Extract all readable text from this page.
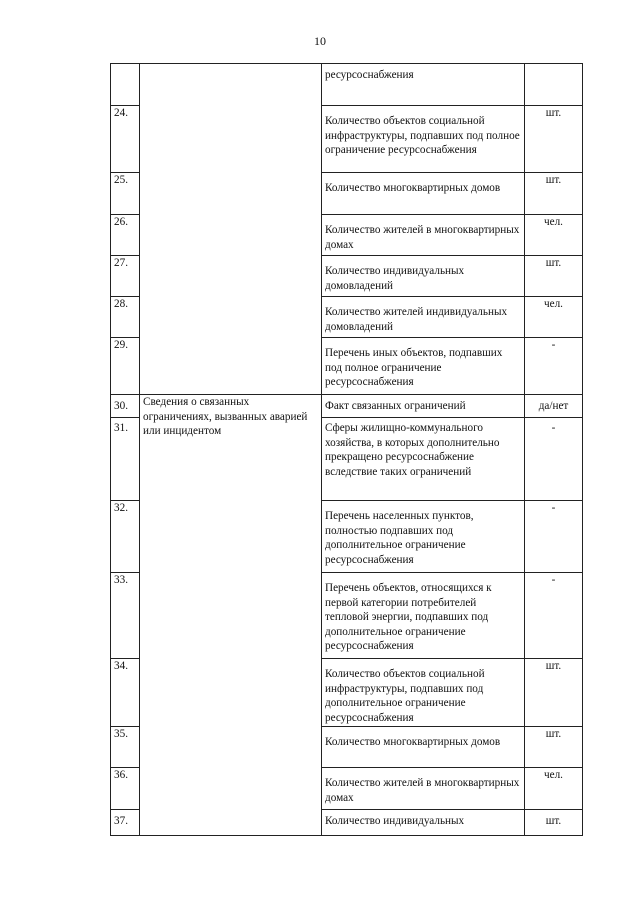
10
		ресурсоснабжения	
24.		Количество объектов социальной инфраструктуры, подпавших под полное ограничение ресурсоснабжения	шт.
25.		Количество многоквартирных домов	шт.
26.		Количество жителей в многоквартирных домах	чел.
27.		Количество индивидуальных домовладений	шт.
28.		Количество жителей индивидуальных домовладений	чел.
29.		Перечень иных объектов, подпавших под полное ограничение ресурсоснабжения	-
30.	Сведения о связанных ограничениях, вызванных аварией или инцидентом	Факт связанных ограничений	да/нет
31.		Сферы жилищно-коммунального хозяйства, в которых дополнительно прекращено ресурсоснабжение вследствие таких ограничений	-
32.		Перечень населенных пунктов, полностью подпавших под дополнительное ограничение ресурсоснабжения	-
33.		Перечень объектов, относящихся к первой категории потребителей тепловой энергии, подпавших под дополнительное ограничение ресурсоснабжения	-
34.		Количество объектов социальной инфраструктуры, подпавших под дополнительное ограничение ресурсоснабжения	шт.
35.		Количество многоквартирных домов	шт.
36.		Количество жителей в многоквартирных домах	чел.
37.		Количество индивидуальных	шт.
